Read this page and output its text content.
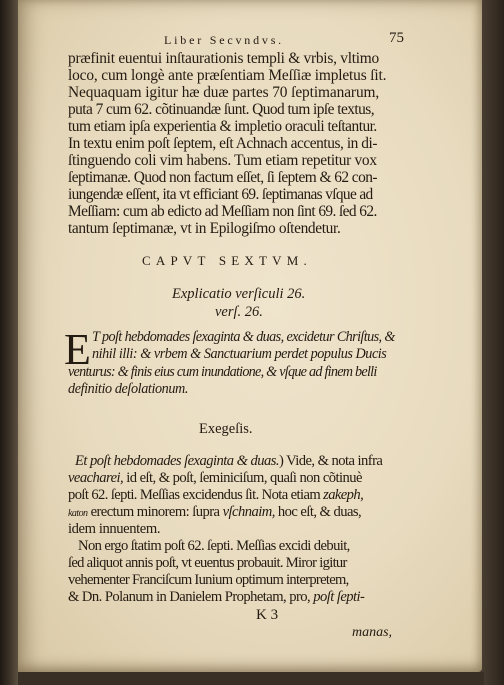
Liber Secvndvs.	75
præfinit euentui inſtaurationis templi & vrbis, vltimo
loco, cum longè ante præſentiam Meſſiæ impletus ſit.
Nequaquam igitur hæ duæ partes 70 ſeptimanarum,
puta 7 cum 62. cõtinuandæ ſunt. Quod tum ipſe textus,
tum etiam ipſa experientia & impletio oraculi teſtantur.
In textu enim poſt ſeptem, eſt Achnach accentus, in di-
ſtinguendo coli vim habens. Tum etiam repetitur vox
ſeptimanæ. Quod non factum eſſet, ſi ſeptem & 62 con-
iungendæ eſſent, ita vt efficiant 69. ſeptimanas vſque ad
Meſſiam: cum ab edicto ad Meſſiam non ſint 69. ſed 62.
tantum ſeptimanæ, vt in Epilogiſmo oſtendetur.
CAPVT SEXTVM.
Explicatio verſiculi 26.
verſ. 26.
E T poſt hebdomades ſexaginta & duas, excidetur Chriſtus, &
nihil illi: & vrbem & Sanctuarium perdet populus Ducis
venturus: & finis eius cum inundatione, & vſque ad finem belli
definitio deſolationum.
Exegeſis.
Et poſt hebdomades ſexaginta & duas.) Vide, & nota infra
veacharei, id eſt, & poſt, ſeminiciſum, quaſi non cõtinuè
poſt 62. ſepti. Meſſias excidendus ſit. Nota etiam zakeph,
katon erectum minorem: ſupra vſchnaim, hoc eſt, & duas,
idem innuentem.
Non ergo ſtatim poſt 62. ſepti. Meſſias excidi debuit,
ſed aliquot annis poſt, vt euentus probauit. Miror igitur
vehementer Franciſcum Iunium optimum interpretem,
& Dn. Polanum in Danielem Prophetam, pro, poſt ſepti-
K 3
manas,
